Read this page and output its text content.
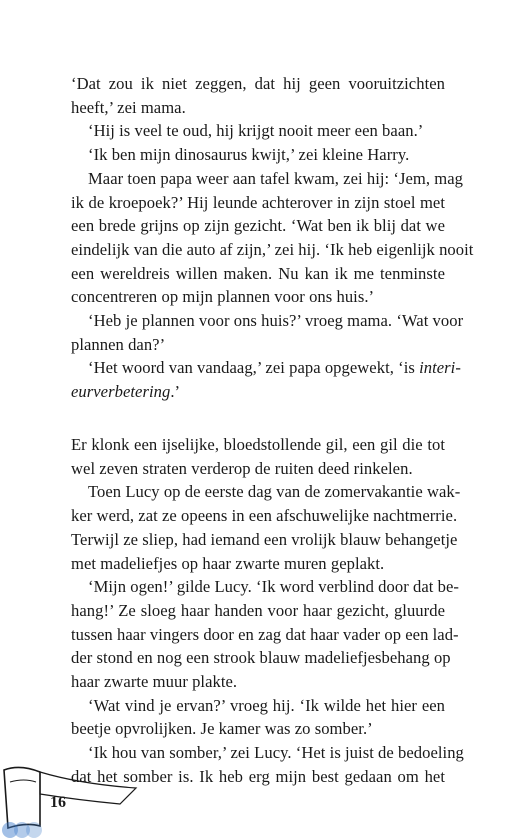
‘Dat zou ik niet zeggen, dat hij geen vooruitzichten
heeft,’ zei mama.
‘Hij is veel te oud, hij krijgt nooit meer een baan.’
‘Ik ben mijn dinosaurus kwijt,’ zei kleine Harry.
Maar toen papa weer aan tafel kwam, zei hij: ‘Jem, mag
ik de kroepoek?’ Hij leunde achterover in zijn stoel met
een brede grijns op zijn gezicht. ‘Wat ben ik blij dat we
eindelijk van die auto af zijn,’ zei hij. ‘Ik heb eigenlijk nooit
een wereldreis willen maken. Nu kan ik me tenminste
concentreren op mijn plannen voor ons huis.’
‘Heb je plannen voor ons huis?’ vroeg mama. ‘Wat voor
plannen dan?’
‘Het woord van vandaag,’ zei papa opgewekt, ‘is interi-
eurverbetering.’
Er klonk een ijselijke, bloedstollende gil, een gil die tot
wel zeven straten verderop de ruiten deed rinkelen.
Toen Lucy op de eerste dag van de zomervakantie wak-
ker werd, zat ze opeens in een afschuwelijke nachtmerrie.
Terwijl ze sliep, had iemand een vrolijk blauw behangetje
met madeliefjes op haar zwarte muren geplakt.
‘Mijn ogen!’ gilde Lucy. ‘Ik word verblind door dat be-
hang!’ Ze sloeg haar handen voor haar gezicht, gluurde
tussen haar vingers door en zag dat haar vader op een lad-
der stond en nog een strook blauw madeliefjesbehang op
haar zwarte muur plakte.
‘Wat vind je ervan?’ vroeg hij. ‘Ik wilde het hier een
beetje opvrolijken. Je kamer was zo somber.’
‘Ik hou van somber,’ zei Lucy. ‘Het is juist de bedoeling
dat het somber is. Ik heb erg mijn best gedaan om het
16
